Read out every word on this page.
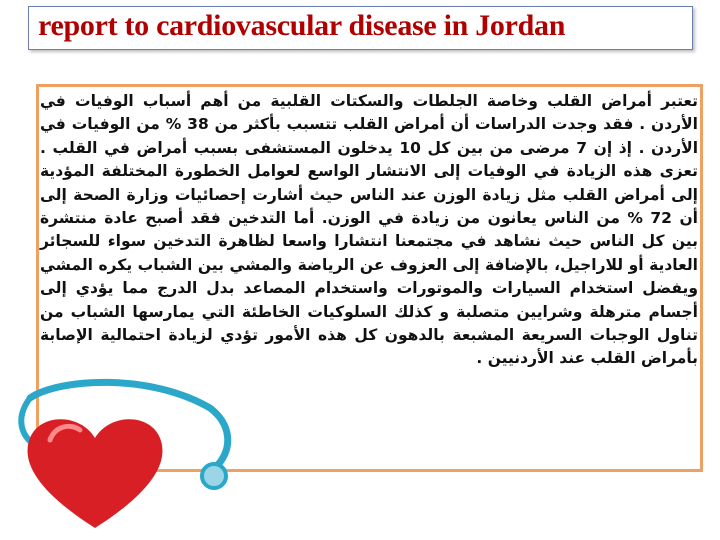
report to cardiovascular disease in Jordan
تعتبر أمراض القلب وخاصة الجلطات والسكتات القلبية من أهم أسباب الوفيات في الأردن . فقد وجدت الدراسات أن أمراض القلب تتسبب بأكثر من 38 % من الوفيات في الأردن . إذ إن 7 مرضى من بين كل 10 يدخلون المستشفى بسبب أمراض في القلب . تعزى هذه الزيادة في الوفيات إلى الانتشار الواسع لعوامل الخطورة المختلفة المؤدية إلى أمراض القلب مثل زيادة الوزن عند الناس حيث أشارت إحصائيات وزارة الصحة إلى أن 72 % من الناس يعانون من زيادة في الوزن. أما التدخين فقد أصبح عادة منتشرة بين كل الناس حيث نشاهد في مجتمعنا انتشارا واسعا لظاهرة التدخين سواء للسجائر العادية أو للاراجيل، بالإضافة إلى العزوف عن الرياضة والمشي بين الشباب يكره المشي ويفضل استخدام السيارات والموتورات واستخدام المصاعد بدل الدرج مما يؤدي إلى أجسام مترهلة وشرايين متصلبة و كذلك السلوكيات الخاطئة التي يمارسها الشباب من تناول الوجبات السريعة المشبعة بالدهون كل هذه الأمور تؤدي لزيادة احتمالية الإصابة بأمراض القلب عند الأردنيين .
